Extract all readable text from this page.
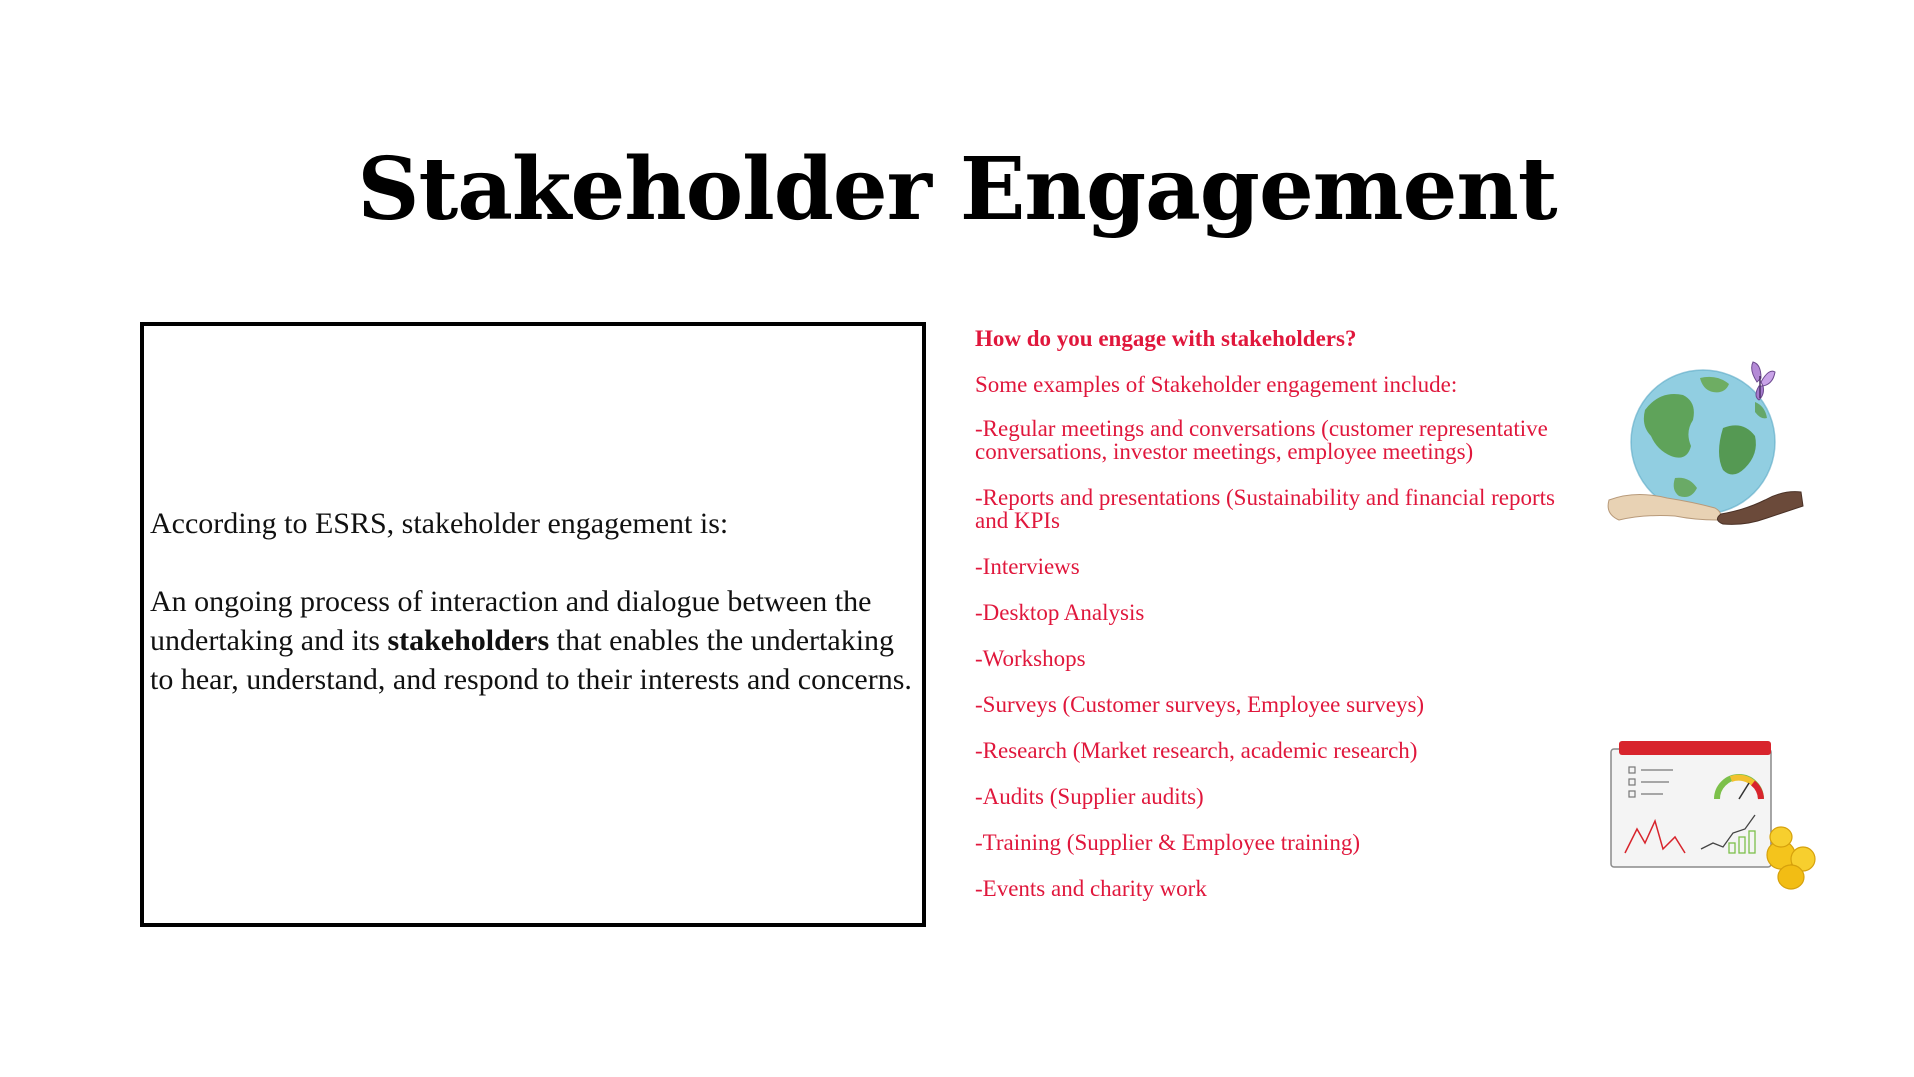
Stakeholder Engagement

According to ESRS, stakeholder engagement is:

An ongoing process of interaction and dialogue between the undertaking and its stakeholders that enables the undertaking to hear, understand, and respond to their interests and concerns.

How do you engage with stakeholders?
Some examples of Stakeholder engagement include:
-Regular meetings and conversations (customer representative conversations, investor meetings, employee meetings)
-Reports and presentations (Sustainability and financial reports and KPIs
-Interviews
-Desktop Analysis
-Workshops
-Surveys (Customer surveys, Employee surveys)
-Research (Market research, academic research)
-Audits (Supplier audits)
-Training (Supplier & Employee training)
-Events and charity work
